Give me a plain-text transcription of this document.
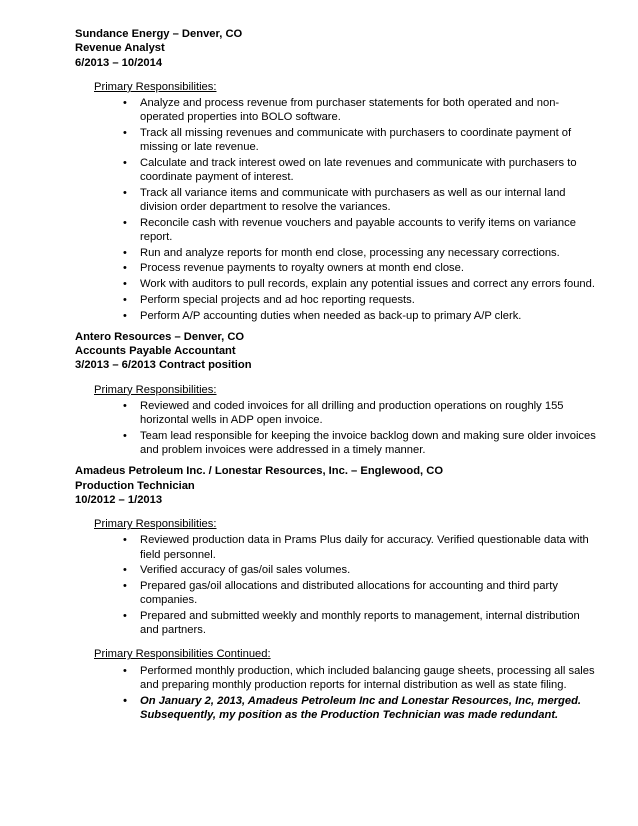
Sundance Energy – Denver, CO
Revenue Analyst
6/2013 – 10/2014
Primary Responsibilities:
• Analyze and process revenue from purchaser statements for both operated and non-operated properties into BOLO software.
• Track all missing revenues and communicate with purchasers to coordinate payment of missing or late revenue.
• Calculate and track interest owed on late revenues and communicate with purchasers to coordinate payment of interest.
• Track all variance items and communicate with purchasers as well as our internal land division order department to resolve the variances.
• Reconcile cash with revenue vouchers and payable accounts to verify items on variance report.
• Run and analyze reports for month end close, processing any necessary corrections.
• Process revenue payments to royalty owners at month end close.
• Work with auditors to pull records, explain any potential issues and correct any errors found.
• Perform special projects and ad hoc reporting requests.
• Perform A/P accounting duties when needed as back-up to primary A/P clerk.
Antero Resources – Denver, CO
Accounts Payable Accountant
3/2013 – 6/2013 Contract position
Primary Responsibilities:
• Reviewed and coded invoices for all drilling and production operations on roughly 155 horizontal wells in ADP open invoice.
• Team lead responsible for keeping the invoice backlog down and making sure older invoices and problem invoices were addressed in a timely manner.
Amadeus Petroleum Inc. / Lonestar Resources, Inc. – Englewood, CO
Production Technician
10/2012 – 1/2013
Primary Responsibilities:
• Reviewed production data in Prams Plus daily for accuracy. Verified questionable data with field personnel.
• Verified accuracy of gas/oil sales volumes.
• Prepared gas/oil allocations and distributed allocations for accounting and third party companies.
• Prepared and submitted weekly and monthly reports to management, internal distribution and partners.
Primary Responsibilities Continued:
• Performed monthly production, which included balancing gauge sheets, processing all sales and preparing monthly production reports for internal distribution as well as state filing.
• On January 2, 2013, Amadeus Petroleum Inc and Lonestar Resources, Inc, merged. Subsequently, my position as the Production Technician was made redundant.
